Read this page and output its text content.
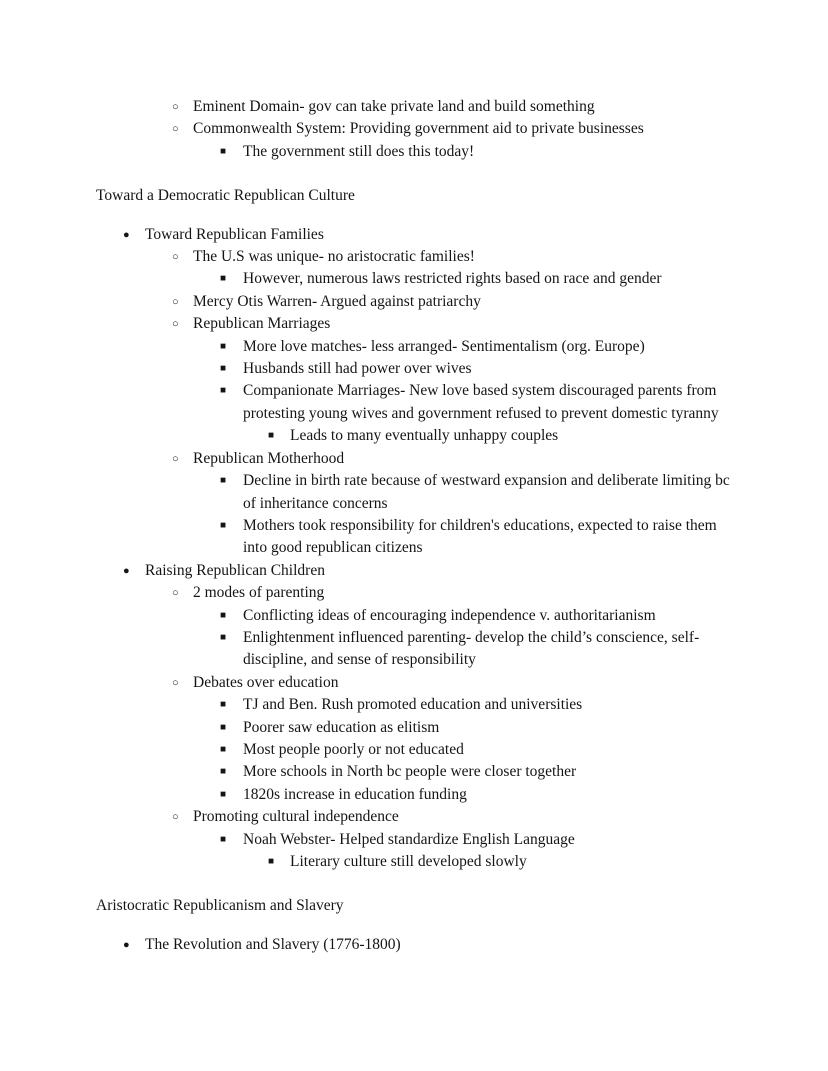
○ Eminent Domain- gov can take private land and build something
○ Commonwealth System: Providing government aid to private businesses
■ The government still does this today!
Toward a Democratic Republican Culture
● Toward Republican Families
○ The U.S was unique- no aristocratic families!
■ However, numerous laws restricted rights based on race and gender
○ Mercy Otis Warren- Argued against patriarchy
○ Republican Marriages
■ More love matches- less arranged- Sentimentalism (org. Europe)
■ Husbands still had power over wives
■ Companionate Marriages- New love based system discouraged parents from protesting young wives and government refused to prevent domestic tyranny
■ Leads to many eventually unhappy couples
○ Republican Motherhood
■ Decline in birth rate because of westward expansion and deliberate limiting bc of inheritance concerns
■ Mothers took responsibility for children's educations, expected to raise them into good republican citizens
● Raising Republican Children
○ 2 modes of parenting
■ Conflicting ideas of encouraging independence v. authoritarianism
■ Enlightenment influenced parenting- develop the child’s conscience, self-discipline, and sense of responsibility
○ Debates over education
■ TJ and Ben. Rush promoted education and universities
■ Poorer saw education as elitism
■ Most people poorly or not educated
■ More schools in North bc people were closer together
■ 1820s increase in education funding
○ Promoting cultural independence
■ Noah Webster- Helped standardize English Language
■ Literary culture still developed slowly
Aristocratic Republicanism and Slavery
● The Revolution and Slavery (1776-1800)
